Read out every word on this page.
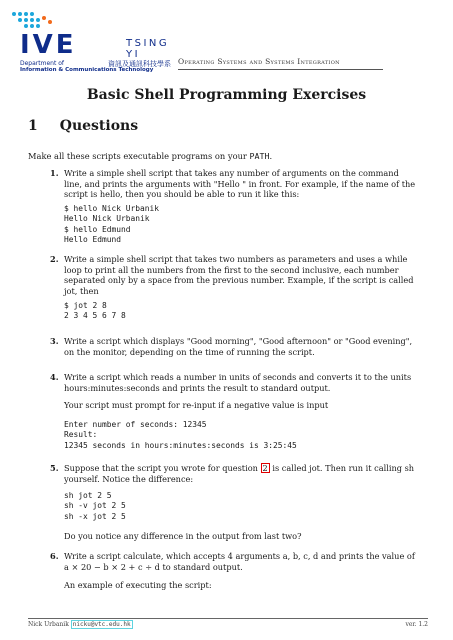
IVE	TSING YI
Department of
Information & Communications Technology
資訊及通訊科技學系 Operating Systems and Systems Integration
Basic Shell Programming Exercises
1 Questions
Make all these scripts executable programs on your PATH.
1. Write a simple shell script that takes any number of arguments on the command line, and prints the arguments with "Hello " in front. For example, if the name of the script is hello, then you should be able to run it like this:
$ hello Nick Urbanik
Hello Nick Urbanik
$ hello Edmund
Hello Edmund
2. Write a simple shell script that takes two numbers as parameters and uses a while loop to print all the numbers from the first to the second inclusive, each number separated only by a space from the previous number. Example, if the script is called jot, then
$ jot 2 8
2 3 4 5 6 7 8
3. Write a script which displays "Good morning", "Good afternoon" or "Good evening", on the monitor, depending on the time of running the script.
4. Write a script which reads a number in units of seconds and converts it to the units hours:minutes:seconds and prints the result to standard output.
Your script must prompt for re-input if a negative value is input
Enter number of seconds: 12345
Result:
12345 seconds in hours:minutes:seconds is 3:25:45
5. Suppose that the script you wrote for question 2 is called jot. Then run it calling sh yourself. Notice the difference:
sh jot 2 5
sh -v jot 2 5
sh -x jot 2 5
Do you notice any difference in the output from last two?
6. Write a script calculate, which accepts 4 arguments a, b, c, d and prints the value of a × 20 − b × 2 + c ÷ d to standard output.
An example of executing the script:
Nick Urbanik nicku@vtc.edu.hk	ver. 1.2
